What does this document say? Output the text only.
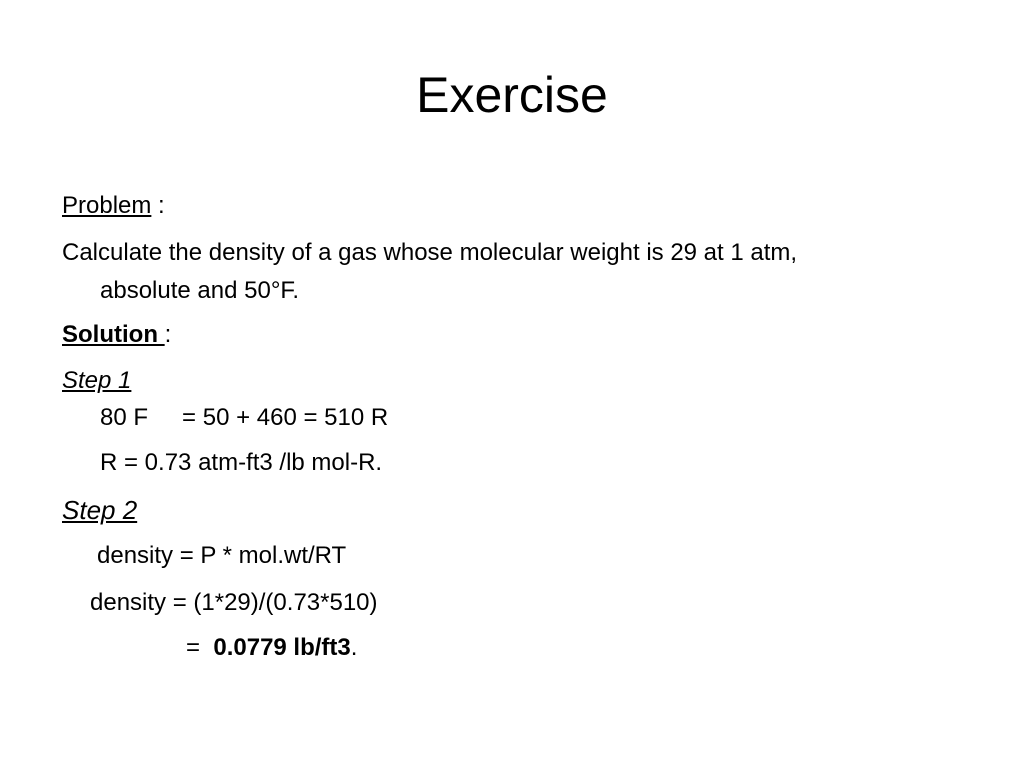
Exercise
Problem :
Calculate the density of a gas whose molecular weight is 29 at 1 atm,
absolute and 50°F.
Solution :
Step 1
80 F = 50 + 460 = 510 R
R = 0.73 atm-ft3 /lb mol-R.
Step 2
density = P * mol.wt/RT
density = (1*29)/(0.73*510)
=  0.0779 lb/ft3.
